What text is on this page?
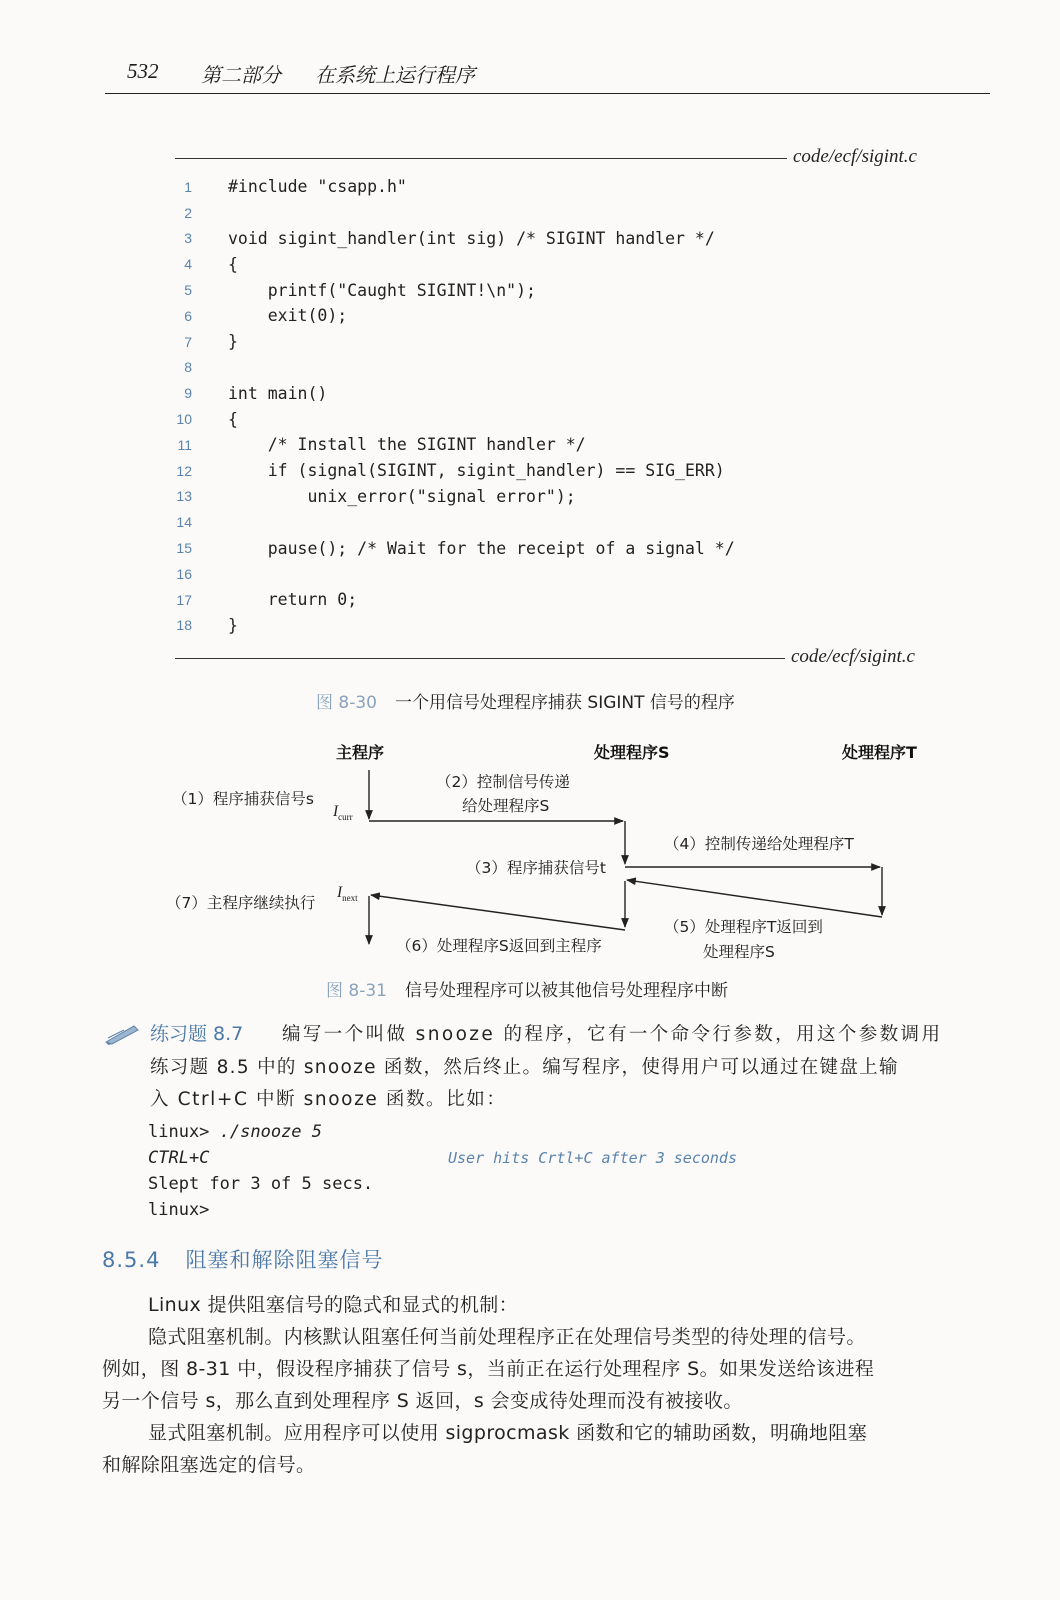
532 第二部分 在系统上运行程序
code/ecf/sigint.c
1 #include "csapp.h"
2
3 void sigint_handler(int sig) /* SIGINT handler */
4 {
5 printf("Caught SIGINT!\n");
6 exit(0);
7 }
8
9 int main()
10 {
11 /* Install the SIGINT handler */
12 if (signal(SIGINT, sigint_handler) == SIG_ERR)
13 unix_error("signal error");
14
15 pause(); /* Wait for the receipt of a signal */
16
17 return 0;
18 }
code/ecf/sigint.c
图 8-30 一个用信号处理程序捕获 SIGINT 信号的程序
主程序	处理程序S	处理程序T
（1）程序捕获信号s
$I_{curr}$
（2）控制信号传递
给处理程序S
（3）程序捕获信号t
（4）控制传递给处理程序T
（5）处理程序T返回到
处理程序S
（6）处理程序S返回到主程序
（7）主程序继续执行
$I_{next}$
图 8-31 信号处理程序可以被其他信号处理程序中断
练习题 8.7 编写一个叫做 snooze 的程序，它有一个命令行参数，用这个参数调用
练习题 8.5 中的 snooze 函数，然后终止。编写程序，使得用户可以通过在键盘上输
入 Ctrl+C 中断 snooze 函数。比如：
linux> ./snooze 5
CTRL+C	User hits Crtl+C after 3 seconds
Slept for 3 of 5 secs.
linux>
8.5.4 阻塞和解除阻塞信号
Linux 提供阻塞信号的隐式和显式的机制：
隐式阻塞机制。内核默认阻塞任何当前处理程序正在处理信号类型的待处理的信号。
例如，图 8-31 中，假设程序捕获了信号 s，当前正在运行处理程序 S。如果发送给该进程
另一个信号 s，那么直到处理程序 S 返回，s 会变成待处理而没有被接收。
显式阻塞机制。应用程序可以使用 sigprocmask 函数和它的辅助函数，明确地阻塞
和解除阻塞选定的信号。
